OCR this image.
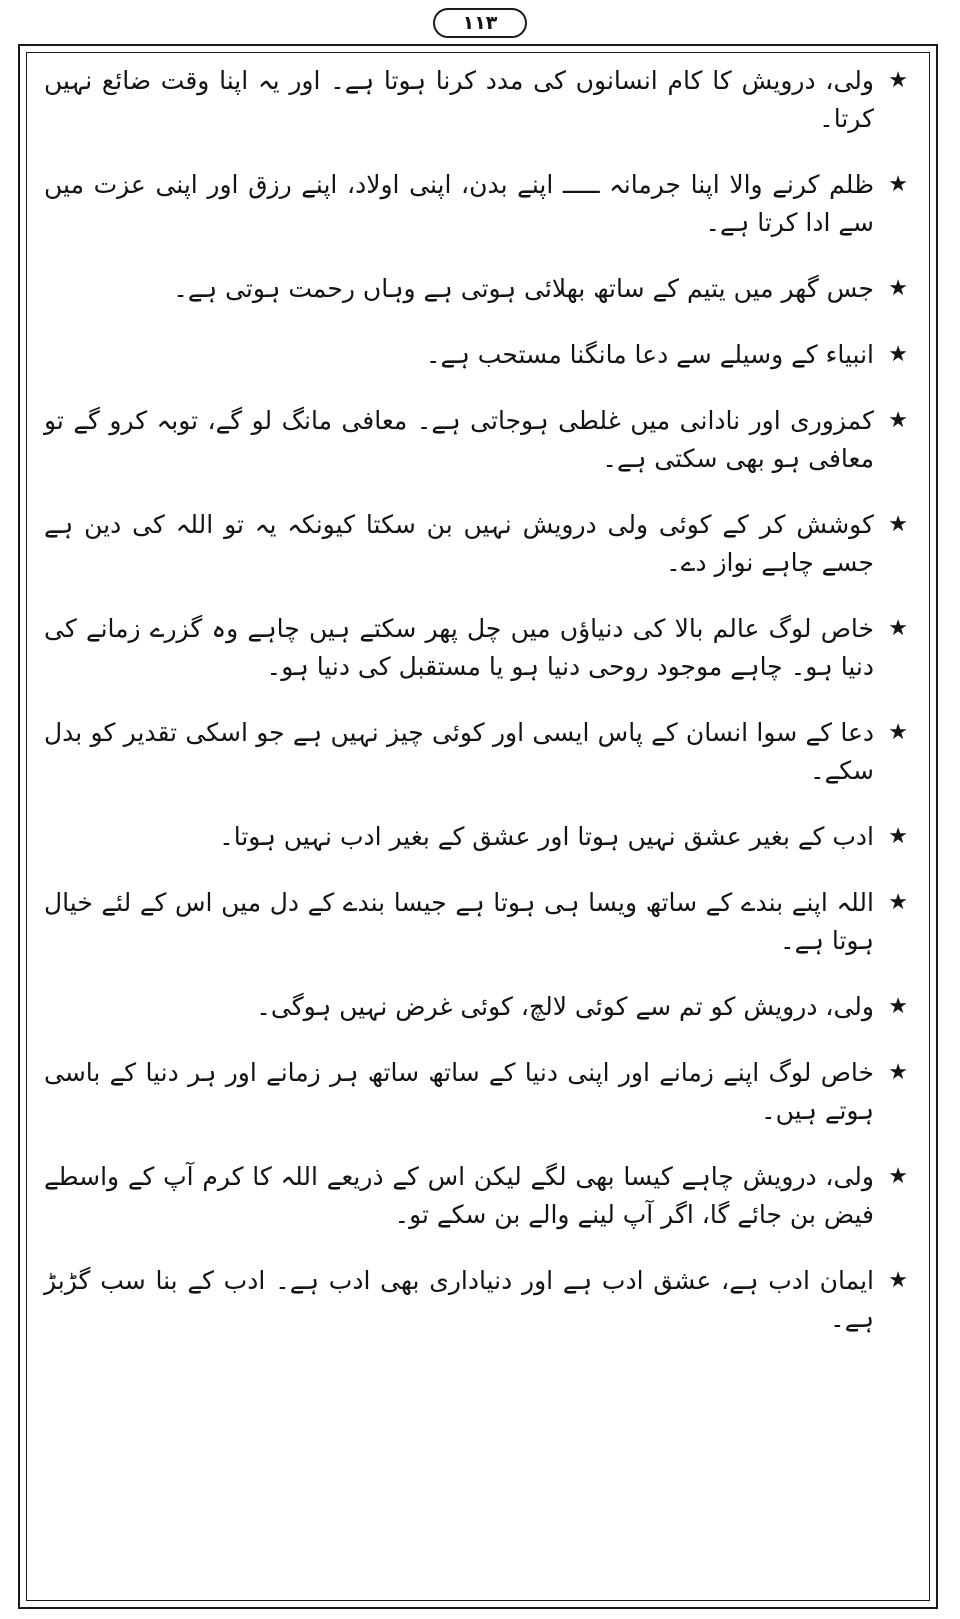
۱۱۳
★
ولی، درویش کا کام انسانوں کی مدد کرنا ہوتا ہے۔ اور یہ اپنا وقت ضائع نہیں کرتا۔
★
ظلم کرنے والا اپنا جرمانہ ـــــ اپنے بدن، اپنی اولاد، اپنے رزق اور اپنی عزت میں سے ادا کرتا ہے۔
★
جس گھر میں یتیم کے ساتھ بھلائی ہوتی ہے وہاں رحمت ہوتی ہے۔
★
انبیاء کے وسیلے سے دعا مانگنا مستحب ہے۔
★
کمزوری اور نادانی میں غلطی ہوجاتی ہے۔ معافی مانگ لو گے، توبہ کرو گے تو معافی ہو بھی سکتی ہے۔
★
کوشش کر کے کوئی ولی درویش نہیں بن سکتا کیونکہ یہ تو اللہ کی دین ہے جسے چاہے نواز دے۔
★
خاص لوگ عالم بالا کی دنیاؤں میں چل پھر سکتے ہیں چاہے وہ گزرے زمانے کی دنیا ہو۔ چاہے موجود روحی دنیا ہو یا مستقبل کی دنیا ہو۔
★
دعا کے سوا انسان کے پاس ایسی اور کوئی چیز نہیں ہے جو اسکی تقدیر کو بدل سکے۔
★
ادب کے بغیر عشق نہیں ہوتا اور عشق کے بغیر ادب نہیں ہوتا۔
★
اللہ اپنے بندے کے ساتھ ویسا ہی ہوتا ہے جیسا بندے کے دل میں اس کے لئے خیال ہوتا ہے۔
★
ولی، درویش کو تم سے کوئی لالچ، کوئی غرض نہیں ہوگی۔
★
خاص لوگ اپنے زمانے اور اپنی دنیا کے ساتھ ساتھ ہر زمانے اور ہر دنیا کے باسی ہوتے ہیں۔
★
ولی، درویش چاہے کیسا بھی لگے لیکن اس کے ذریعے اللہ کا کرم آپ کے واسطے فیض بن جائے گا، اگر آپ لینے والے بن سکے تو۔
★
ایمان ادب ہے، عشق ادب ہے اور دنیاداری بھی ادب ہے۔ ادب کے بنا سب گڑبڑ ہے۔
